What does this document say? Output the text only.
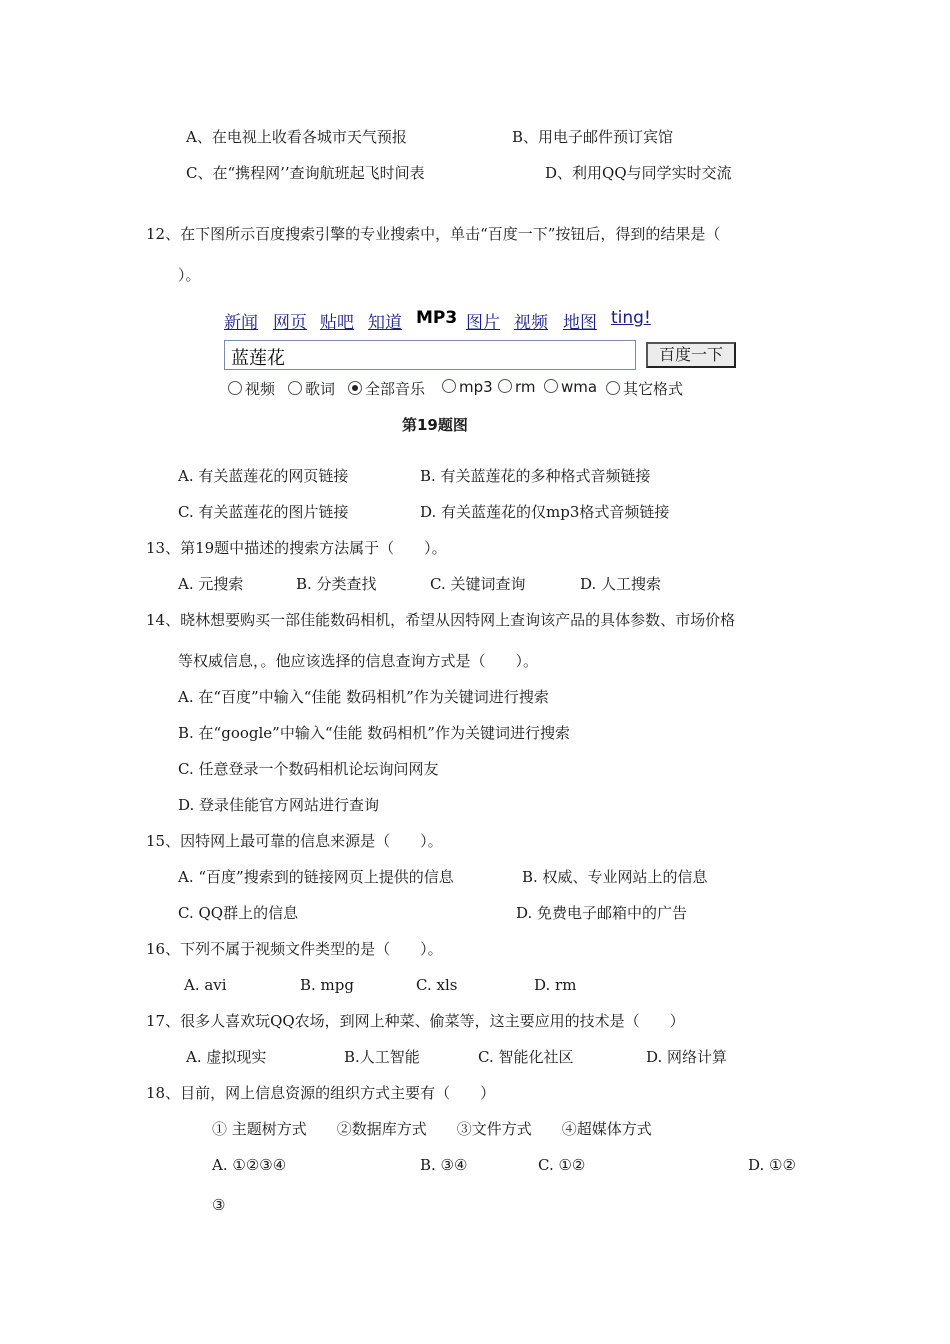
A、在电视上收看各城市天气预报	B、用电子邮件预订宾馆
C、在“携程网’’查询航班起飞时间表	D、利用QQ与同学实时交流
12、在下图所示百度搜索引擎的专业搜索中，单击“百度一下”按钮后，得到的结果是（
）。
新闻 网页 贴吧 知道 MP3 图片 视频 地图 ting!
蓝莲花	百度一下
视频	歌词	全部音乐	mp3	rm	wma	其它格式
第19题图
A. 有关蓝莲花的网页链接	B. 有关蓝莲花的多种格式音频链接
C. 有关蓝莲花的图片链接	D. 有关蓝莲花的仅mp3格式音频链接
13、第19题中描述的搜索方法属于（　　）。
A. 元搜索	B. 分类查找	C. 关键词查询	D. 人工搜索
14、晓林想要购买一部佳能数码相机，希望从因特网上查询该产品的具体参数、市场价格
等权威信息，。他应该选择的信息查询方式是（　　）。
A. 在“百度”中输入“佳能 数码相机”作为关键词进行搜索
B. 在“google”中输入“佳能 数码相机”作为关键词进行搜索
C. 任意登录一个数码相机论坛询问网友
D. 登录佳能官方网站进行查询
15、因特网上最可靠的信息来源是（　　）。
A. “百度”搜索到的链接网页上提供的信息	B. 权威、专业网站上的信息
C. QQ群上的信息	D. 免费电子邮箱中的广告
16、下列不属于视频文件类型的是（　　）。
A. avi	B. mpg	C. xls	D. rm
17、很多人喜欢玩QQ农场，到网上种菜、偷菜等，这主要应用的技术是（　　）
A. 虚拟现实	B.人工智能	C. 智能化社区	D. 网络计算
18、目前，网上信息资源的组织方式主要有（　　）
① 主题树方式　　②数据库方式　　③文件方式　　④超媒体方式
A. ①②③④	B. ③④	C. ①②	D. ①②
③
